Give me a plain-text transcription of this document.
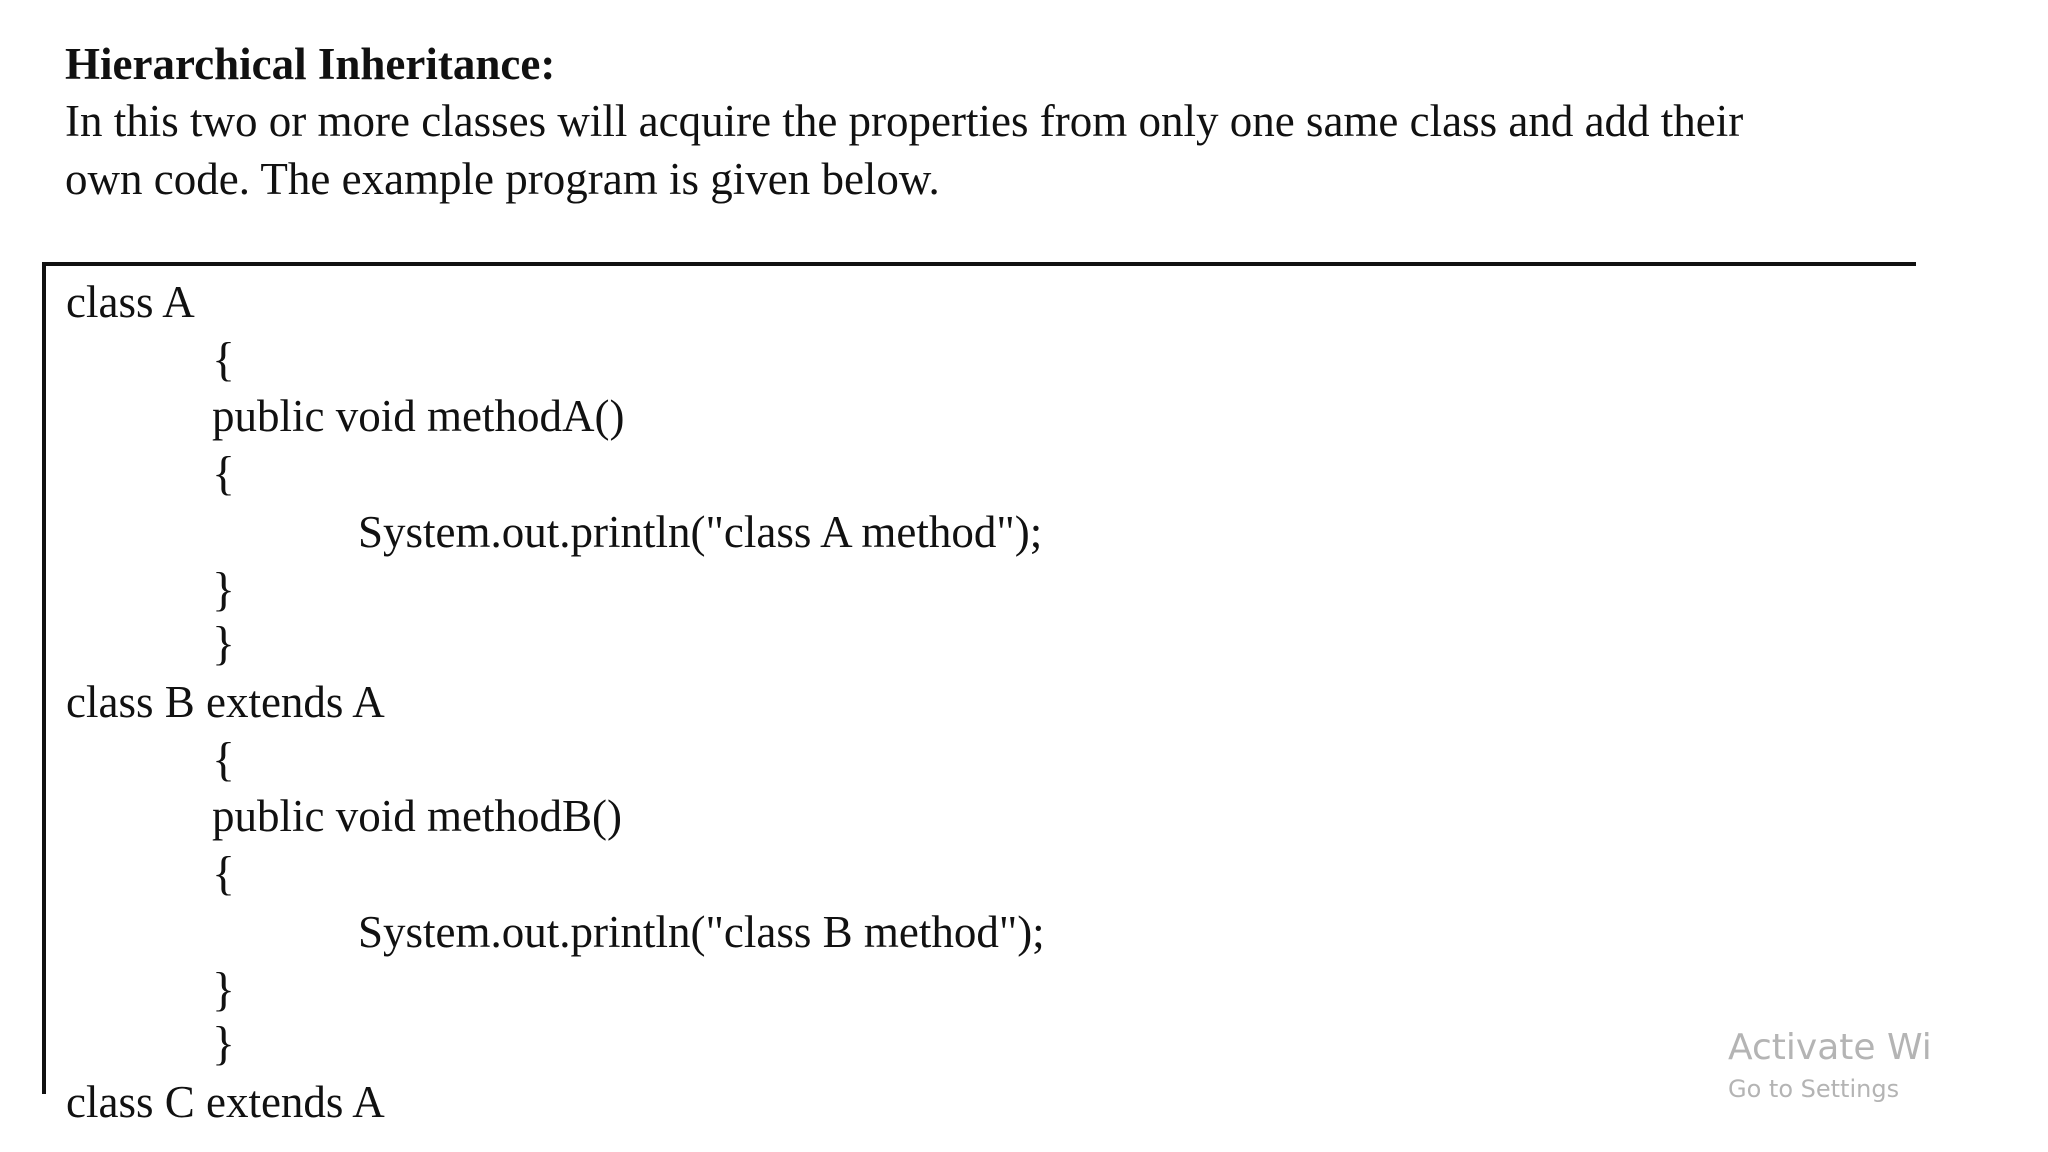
Hierarchical Inheritance:

In this two or more classes will acquire the properties from only one same class and add their
own code. The example program is given below.

class A
{
public void methodA()
{
System.out.println("class A method");
}
}
class B extends A
{
public void methodB()
{
System.out.println("class B method");
}
}
class C extends A
Activate Wi
Go to Settings
